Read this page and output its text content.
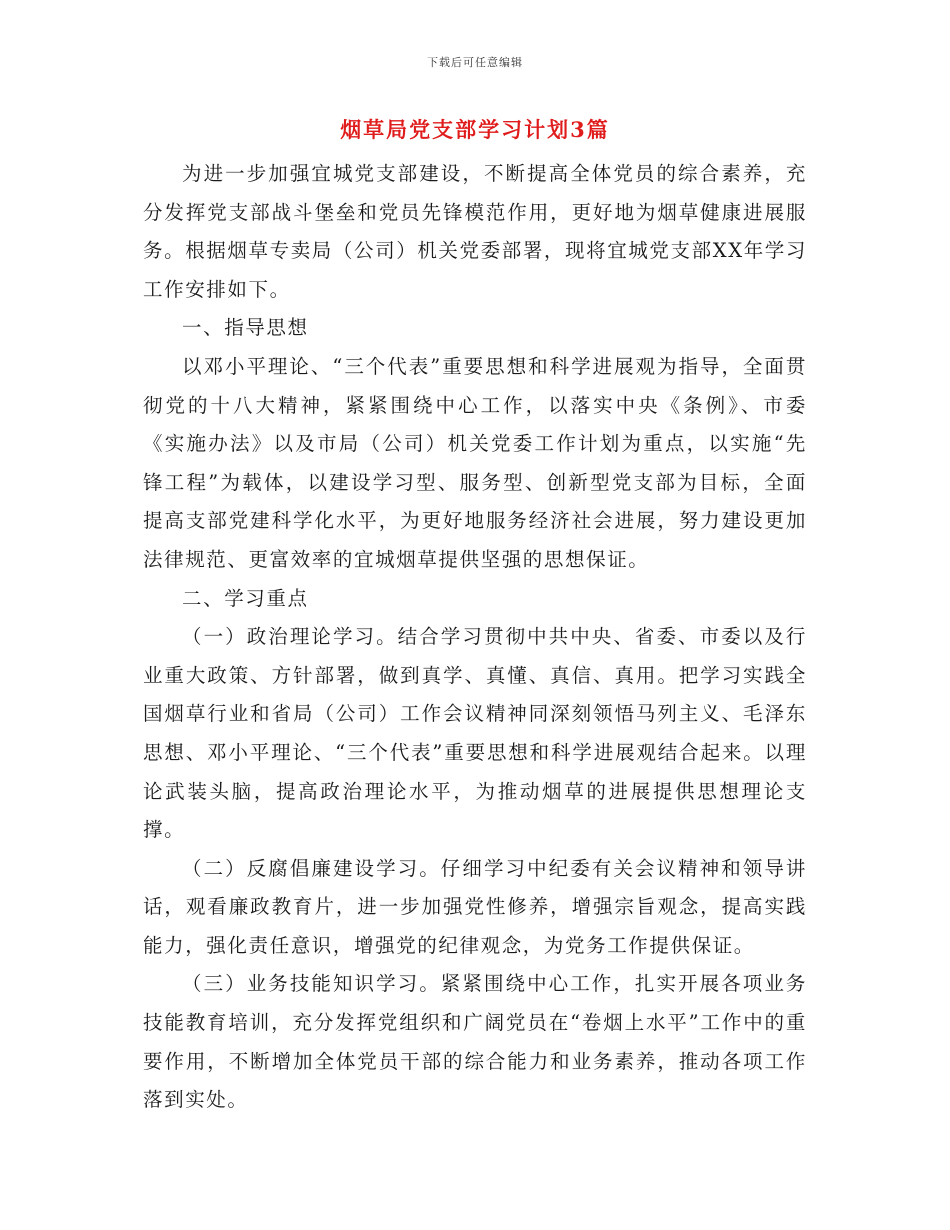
下载后可任意编辑
烟草局党支部学习计划3篇

为进一步加强宜城党支部建设，不断提高全体党员的综合素养，充分发挥党支部战斗堡垒和党员先锋模范作用，更好地为烟草健康进展服务。根据烟草专卖局（公司）机关党委部署，现将宜城党支部XX年学习工作安排如下。

一、指导思想

以邓小平理论、“三个代表”重要思想和科学进展观为指导，全面贯彻党的十八大精神，紧紧围绕中心工作，以落实中央《条例》、市委《实施办法》以及市局（公司）机关党委工作计划为重点，以实施“先锋工程”为载体，以建设学习型、服务型、创新型党支部为目标，全面提高支部党建科学化水平，为更好地服务经济社会进展，努力建设更加法律规范、更富效率的宜城烟草提供坚强的思想保证。

二、学习重点

（一）政治理论学习。结合学习贯彻中共中央、省委、市委以及行业重大政策、方针部署，做到真学、真懂、真信、真用。把学习实践全国烟草行业和省局（公司）工作会议精神同深刻领悟马列主义、毛泽东思想、邓小平理论、“三个代表”重要思想和科学进展观结合起来。以理论武装头脑，提高政治理论水平，为推动烟草的进展提供思想理论支撑。

（二）反腐倡廉建设学习。仔细学习中纪委有关会议精神和领导讲话，观看廉政教育片，进一步加强党性修养，增强宗旨观念，提高实践能力，强化责任意识，增强党的纪律观念，为党务工作提供保证。

（三）业务技能知识学习。紧紧围绕中心工作，扎实开展各项业务技能教育培训，充分发挥党组织和广阔党员在“卷烟上水平”工作中的重要作用，不断增加全体党员干部的综合能力和业务素养，推动各项工作落到实处。
